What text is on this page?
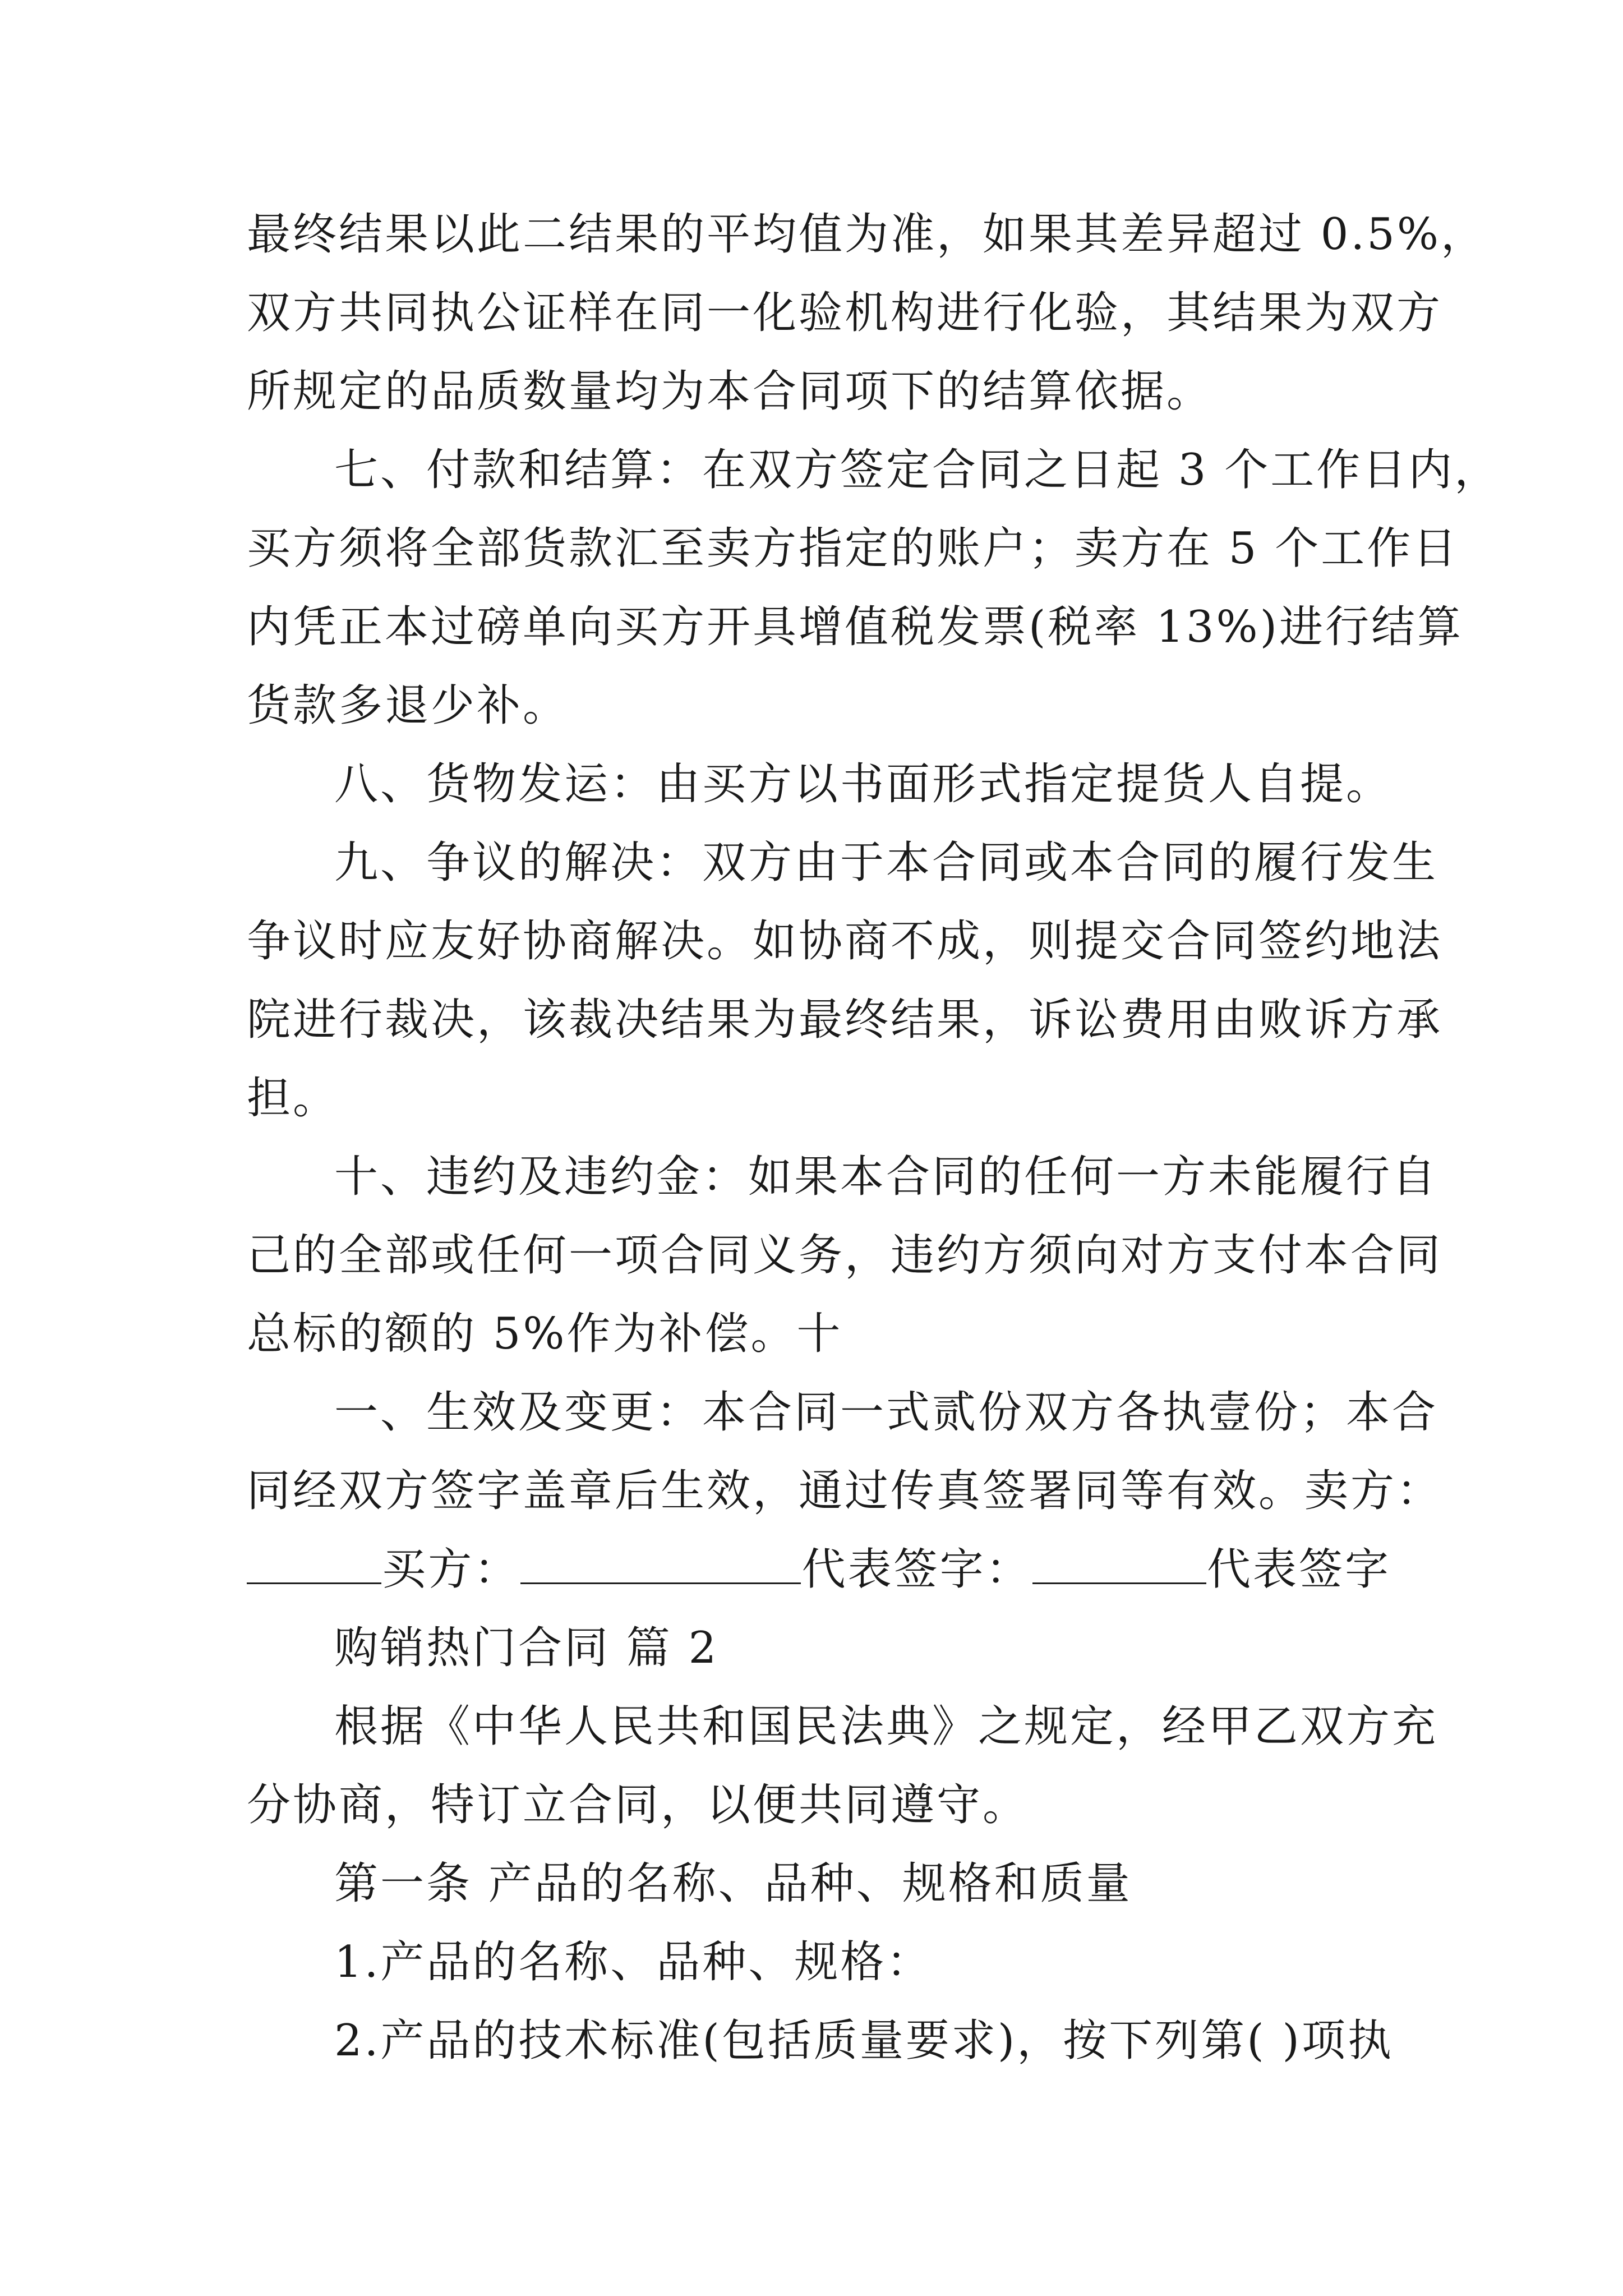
最终结果以此二结果的平均值为准，如果其差异超过 0.5%，
双方共同执公证样在同一化验机构进行化验，其结果为双方
所规定的品质数量均为本合同项下的结算依据。
七、付款和结算：在双方签定合同之日起 3 个工作日内，
买方须将全部货款汇至卖方指定的账户；卖方在 5 个工作日
内凭正本过磅单向买方开具增值税发票(税率 13%)进行结算
货款多退少补。
八、货物发运：由买方以书面形式指定提货人自提。
九、争议的解决：双方由于本合同或本合同的履行发生
争议时应友好协商解决。如协商不成，则提交合同签约地法
院进行裁决，该裁决结果为最终结果，诉讼费用由败诉方承
担。
十、违约及违约金：如果本合同的任何一方未能履行自
己的全部或任何一项合同义务，违约方须向对方支付本合同
总标的额的 5%作为补偿。十
一、生效及变更：本合同一式贰份双方各执壹份；本合
同经双方签字盖章后生效，通过传真签署同等有效。卖方：
买方：	代表签字：	代表签字
购销热门合同 篇 2
根据《中华人民共和国民法典》之规定，经甲乙双方充
分协商，特订立合同，以便共同遵守。
第一条 产品的名称、品种、规格和质量
1.产品的名称、品种、规格：
2.产品的技术标准(包括质量要求)，按下列第( )项执
